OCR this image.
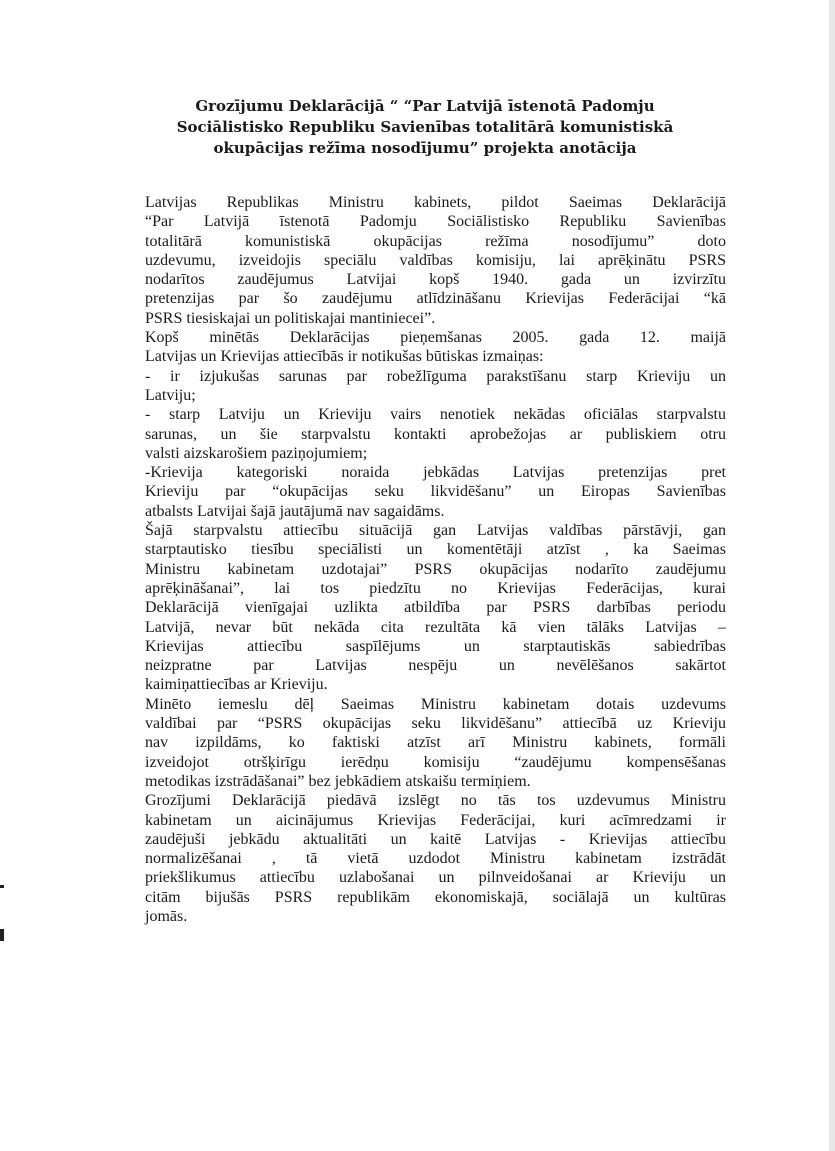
Grozījumu Deklarācijā “ “Par Latvijā īstenotā Padomju
Sociālistisko Republiku Savienības totalitārā komunistiskā
okupācijas režīma nosodījumu” projekta anotācija
Latvijas Republikas Ministru kabinets, pildot Saeimas Deklarācijā
“Par Latvijā īstenotā Padomju Sociālistisko Republiku Savienības
totalitārā komunistiskā okupācijas režīma nosodījumu” doto
uzdevumu, izveidojis speciālu valdības komisiju, lai aprēķinātu PSRS
nodarītos zaudējumus Latvijai kopš 1940. gada un izvirzītu
pretenzijas par šo zaudējumu atlīdzināšanu Krievijas Federācijai “kā
PSRS tiesiskajai un politiskajai mantiniecei”.
Kopš minētās Deklarācijas pieņemšanas 2005. gada 12. maijā
Latvijas un Krievijas attiecībās ir notikušas būtiskas izmaiņas:
- ir izjukušas sarunas par robežlīguma parakstīšanu starp Krieviju un
Latviju;
- starp Latviju un Krieviju vairs nenotiek nekādas oficiālas starpvalstu
sarunas, un šie starpvalstu kontakti aprobežojas ar publiskiem otru
valsti aizskarošiem paziņojumiem;
-Krievija kategoriski noraida jebkādas Latvijas pretenzijas pret
Krieviju par “okupācijas seku likvidēšanu” un Eiropas Savienības
atbalsts Latvijai šajā jautājumā nav sagaidāms.
Šajā starpvalstu attiecību situācijā gan Latvijas valdības pārstāvji, gan
starptautisko tiesību speciālisti un komentētāji atzīst , ka Saeimas
Ministru kabinetam uzdotajai” PSRS okupācijas nodarīto zaudējumu
aprēķināšanai”, lai tos piedzītu no Krievijas Federācijas, kurai
Deklarācijā vienīgajai uzlikta atbildība par PSRS darbības periodu
Latvijā, nevar būt nekāda cita rezultāta kā vien tālāks Latvijas –
Krievijas attiecību saspīlējums un starptautiskās sabiedrības
neizpratne par Latvijas nespēju un nevēlēšanos sakārtot
kaimiņattiecības ar Krieviju.
Minēto iemeslu dēļ Saeimas Ministru kabinetam dotais uzdevums
valdībai par “PSRS okupācijas seku likvidēšanu” attiecībā uz Krieviju
nav izpildāms, ko faktiski atzīst arī Ministru kabinets, formāli
izveidojot otršķirīgu ierēdņu komisiju “zaudējumu kompensēšanas
metodikas izstrādāšanai” bez jebkādiem atskaišu termiņiem.
Grozījumi Deklarācijā piedāvā izslēgt no tās tos uzdevumus Ministru
kabinetam un aicinājumus Krievijas Federācijai, kuri acīmredzami ir
zaudējuši jebkādu aktualitāti un kaitē Latvijas - Krievijas attiecību
normalizēšanai , tā vietā uzdodot Ministru kabinetam izstrādāt
priekšlikumus attiecību uzlabošanai un pilnveidošanai ar Krieviju un
citām bijušās PSRS republikām ekonomiskajā, sociālajā un kultūras
jomās.
